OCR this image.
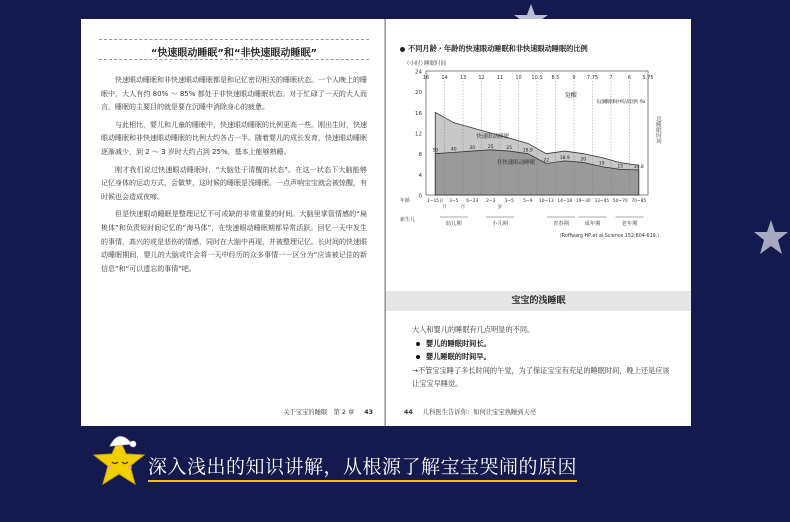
“快速眼动睡眠”和“非快速眼动睡眠”

快速眼动睡眠和非快速眼动睡眠都是和记忆密切相关的睡眠状态。一个人晚上的睡眠中，大人有约 80% ～ 85% 都处于非快速眼动睡眠状态。对于忙碌了一天的大人而言，睡眠的主要目的就是要在沉睡中消除身心的疲惫。

与此相比，婴儿和儿童的睡眠中，快速眼动睡眠的比例更高一些。刚出生时，快速眼动睡眠和非快速眼动睡眠的比例大约各占一半。随着婴儿的成长发育，快速眼动睡眠逐渐减少，到 2 ～ 3 岁时大约占到 25%，基本上能够熟睡。

刚才我们说过快速眼动睡眠时，“大脑处于清醒的状态”。在这一状态下大脑能够记忆身体的运动方式，会做梦，这时候的睡眠是浅睡眠。一点声响宝宝就会被惊醒，有时候也会造成夜啼。

但是快速眼动睡眠是整理记忆不可或缺的非常重要的时间。大脑里掌管情感的“扁桃体”和负责短时间记忆的“海马体”，在快速眼动睡眠期都异常活跃。回忆一天中发生的事情、高兴的或是悲伤的情感，同时在大脑中再现，并被整理记忆。长时间的快速眼动睡眠期间，婴儿的大脑或许会将一天中经历的众多事情一一区分为“应该被记住的新信息”和“可以遗忘的事情”吧。

关于宝宝的睡眠　第 2 章 43
不同月龄・年龄的快速眼动睡眠和非快速眼动睡眠的比例
24
20
16
12
8
4
0
（小时）
睡眠时间
16 14 13 12 11 10 10.5 8.5	9 7.75 7	6 5.75
快速眼动睡眠
非快速眼动睡眠
觉醒
50	40	30	25	25
18.9
22
18.9 20
19
15 13.8
在总睡眠时间中所占的比例（%）
总睡眠时间
1~15日 3~5 6~23 2~3 3~5 5~9 10~13 14~18 19~30 33~45 50~70 70~85
年龄
月	月	岁
新生儿
幼儿期	小儿期	青春期	成年期	老年期
（Roffwarg HP,et al:Science.152:604-619.）
宝宝的浅睡眠

大人和婴儿的睡眠有几点明显的不同。

婴儿的睡眠时间长。

婴儿睡眠的时间早。

→不管宝宝睡了多长时间的午觉，为了保证宝宝有充足的睡眠时间，晚上还是应该让宝宝早睡觉。

44 儿科医生告诉你：如何让宝宝熟睡到天亮
深入浅出的知识讲解，从根源了解宝宝哭闹的原因
